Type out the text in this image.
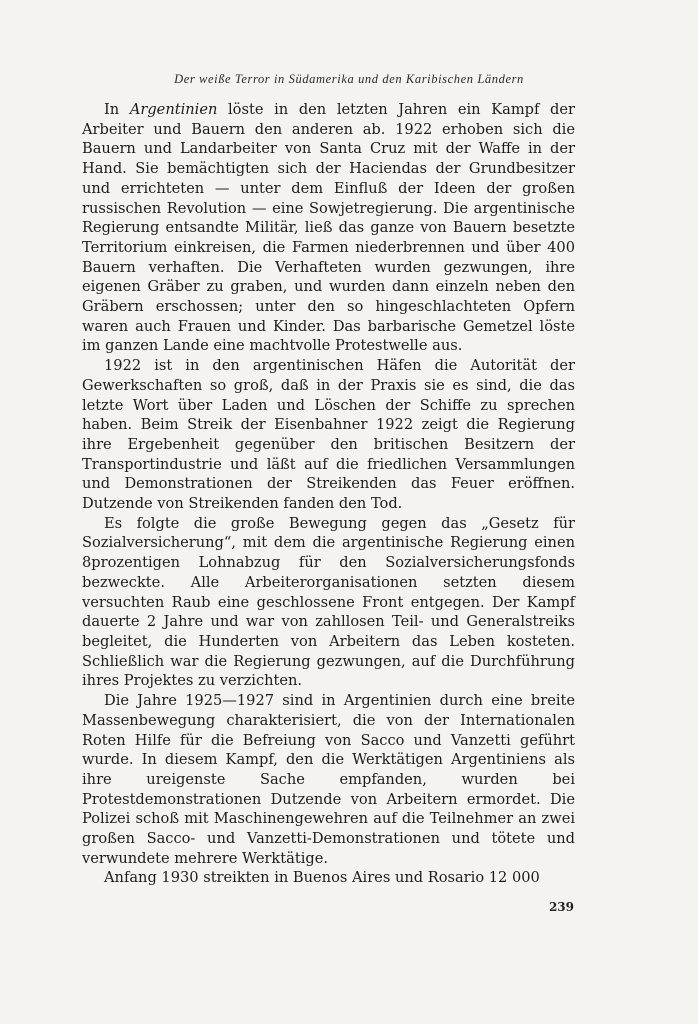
Der weiße Terror in Südamerika und den Karibischen Ländern

In Argentinien löste in den letzten Jahren ein Kampf der Arbeiter und Bauern den anderen ab. 1922 erhoben sich die Bauern und Landarbeiter von Santa Cruz mit der Waffe in der Hand. Sie bemächtigten sich der Haciendas der Grundbesitzer und errichteten — unter dem Einfluß der Ideen der großen russischen Revolution — eine Sowjetregierung. Die argentinische Regierung entsandte Militär, ließ das ganze von Bauern besetzte Territorium einkreisen, die Farmen niederbrennen und über 400 Bauern verhaften. Die Verhafteten wurden gezwungen, ihre eigenen Gräber zu graben, und wurden dann einzeln neben den Gräbern erschossen; unter den so hingeschlachteten Opfern waren auch Frauen und Kinder. Das barbarische Gemetzel löste im ganzen Lande eine machtvolle Protestwelle aus.

1922 ist in den argentinischen Häfen die Autorität der Gewerkschaften so groß, daß in der Praxis sie es sind, die das letzte Wort über Laden und Löschen der Schiffe zu sprechen haben. Beim Streik der Eisenbahner 1922 zeigt die Regierung ihre Ergebenheit gegenüber den britischen Besitzern der Transportindustrie und läßt auf die friedlichen Versammlungen und Demonstrationen der Streikenden das Feuer eröffnen. Dutzende von Streikenden fanden den Tod.

Es folgte die große Bewegung gegen das „Gesetz für Sozialversicherung“, mit dem die argentinische Regierung einen 8prozentigen Lohnabzug für den Sozialversicherungsfonds bezweckte. Alle Arbeiterorganisationen setzten diesem versuchten Raub eine geschlossene Front entgegen. Der Kampf dauerte 2 Jahre und war von zahllosen Teil- und Generalstreiks begleitet, die Hunderten von Arbeitern das Leben kosteten. Schließlich war die Regierung gezwungen, auf die Durchführung ihres Projektes zu verzichten.

Die Jahre 1925—1927 sind in Argentinien durch eine breite Massenbewegung charakterisiert, die von der Internationalen Roten Hilfe für die Befreiung von Sacco und Vanzetti geführt wurde. In diesem Kampf, den die Werktätigen Argentiniens als ihre ureigenste Sache empfanden, wurden bei Protestdemonstrationen Dutzende von Arbeitern ermordet. Die Polizei schoß mit Maschinengewehren auf die Teilnehmer an zwei großen Sacco- und Vanzetti-Demonstrationen und tötete und verwundete mehrere Werktätige.

Anfang 1930 streikten in Buenos Aires und Rosario 12 000

239
